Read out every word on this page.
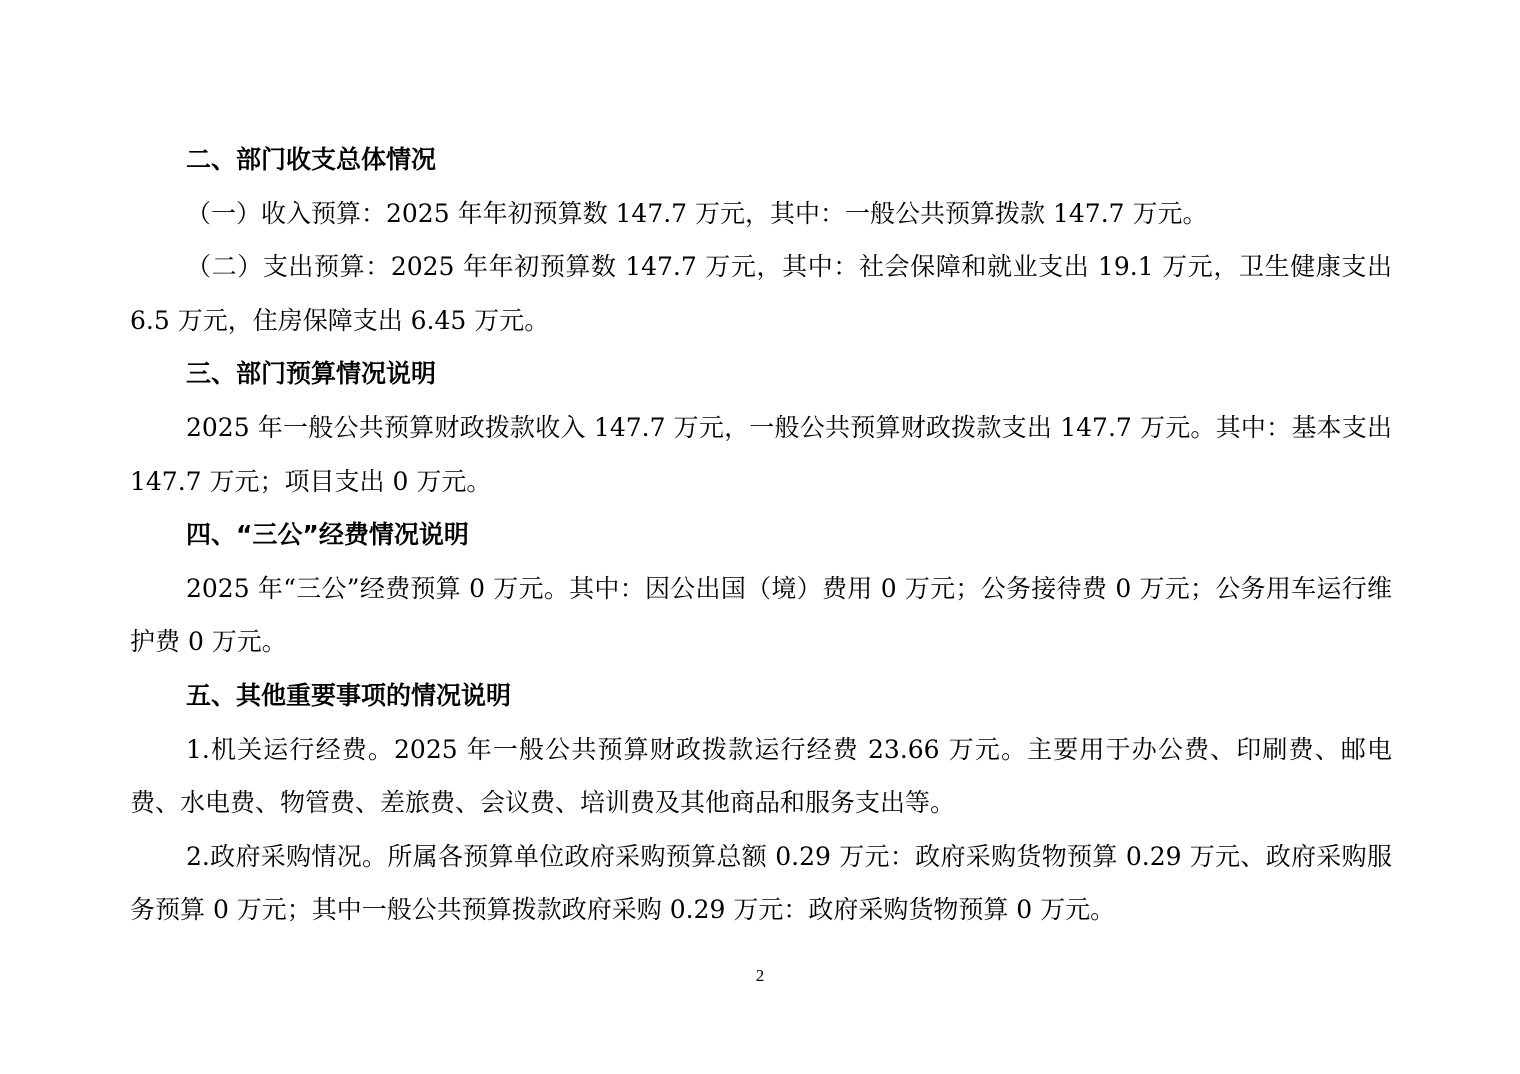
二、部门收支总体情况

（一）收入预算：2025 年年初预算数 147.7 万元，其中：一般公共预算拨款 147.7 万元。

（二）支出预算：2025 年年初预算数 147.7 万元，其中：社会保障和就业支出 19.1 万元，卫生健康支出 6.5 万元，住房保障支出 6.45 万元。

三、部门预算情况说明

2025 年一般公共预算财政拨款收入 147.7 万元，一般公共预算财政拨款支出 147.7 万元。其中：基本支出 147.7 万元；项目支出 0 万元。

四、“三公”经费情况说明

2025 年“三公”经费预算 0 万元。其中：因公出国（境）费用 0 万元；公务接待费 0 万元；公务用车运行维护费 0 万元。

五、其他重要事项的情况说明

1.机关运行经费。2025 年一般公共预算财政拨款运行经费 23.66 万元。主要用于办公费、印刷费、邮电费、水电费、物管费、差旅费、会议费、培训费及其他商品和服务支出等。

2.政府采购情况。所属各预算单位政府采购预算总额 0.29 万元：政府采购货物预算 0.29 万元、政府采购服务预算 0 万元；其中一般公共预算拨款政府采购 0.29 万元：政府采购货物预算 0 万元。

2
